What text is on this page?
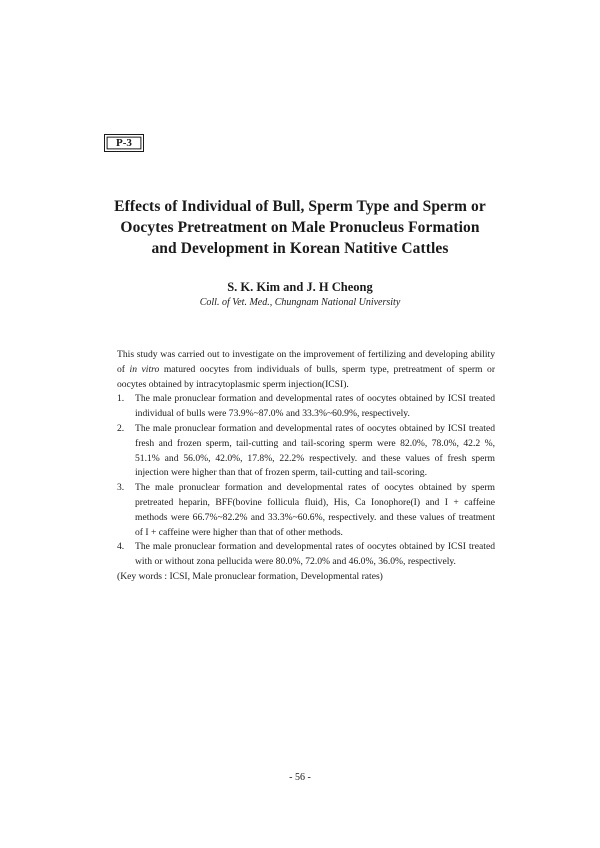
P-3
Effects of Individual of Bull, Sperm Type and Sperm or
Oocytes Pretreatment on Male Pronucleus Formation
and Development in Korean Natitive Cattles
S. K. Kim and J. H Cheong
Coll. of Vet. Med., Chungnam National University

This study was carried out to investigate on the improvement of fertilizing and developing ability of in vitro matured oocytes from individuals of bulls, sperm type, pretreatment of sperm or oocytes obtained by intracytoplasmic sperm injection(ICSI).

1. The male pronuclear formation and developmental rates of oocytes obtained by ICSI treated individual of bulls were 73.9%~87.0% and 33.3%~60.9%, respectively.
2. The male pronuclear formation and developmental rates of oocytes obtained by ICSI treated fresh and frozen sperm, tail-cutting and tail-scoring sperm were 82.0%, 78.0%, 42.2 %, 51.1% and 56.0%, 42.0%, 17.8%, 22.2% respectively. and these values of fresh sperm injection were higher than that of frozen sperm, tail-cutting and tail-scoring.
3. The male pronuclear formation and developmental rates of oocytes obtained by sperm pretreated heparin, BFF(bovine follicula fluid), His, Ca Ionophore(I) and I + caffeine methods were 66.7%~82.2% and 33.3%~60.6%, respectively. and these values of treatment of I + caffeine were higher than that of other methods.
4. The male pronuclear formation and developmental rates of oocytes obtained by ICSI treated with or without zona pellucida were 80.0%, 72.0% and 46.0%, 36.0%, respectively.

(Key words : ICSI, Male pronuclear formation, Developmental rates)

- 56 -
